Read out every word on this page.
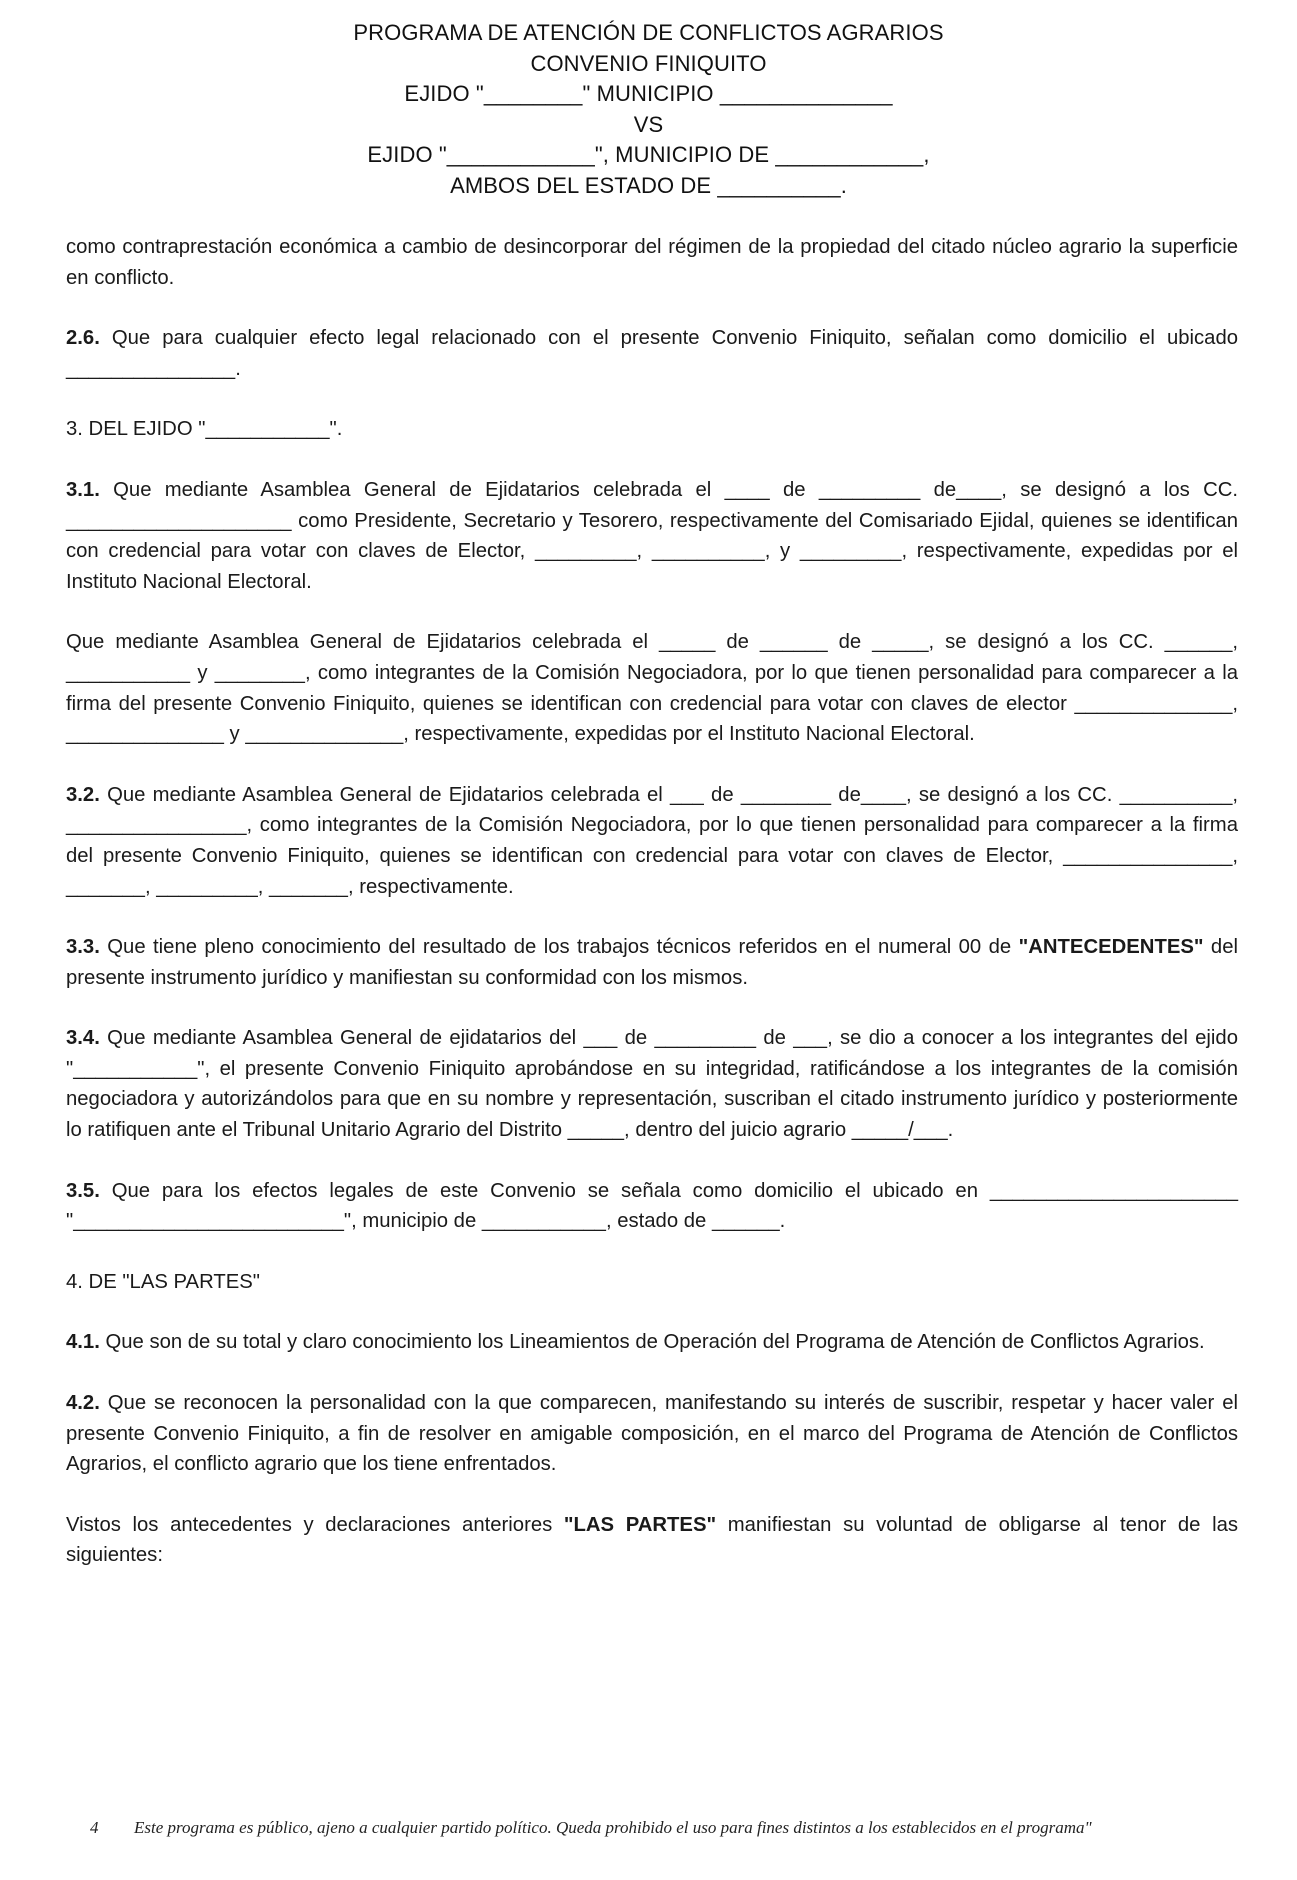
PROGRAMA DE ATENCIÓN DE CONFLICTOS AGRARIOS
CONVENIO FINIQUITO
EJIDO "________" MUNICIPIO ______________
VS
EJIDO "____________", MUNICIPIO DE ____________,
AMBOS DEL ESTADO DE __________.

como contraprestación económica a cambio de desincorporar del régimen de la propiedad del citado núcleo agrario la superficie en conflicto.

2.6. Que para cualquier efecto legal relacionado con el presente Convenio Finiquito, señalan como domicilio el ubicado _______________.

3. DEL EJIDO "___________".

3.1. Que mediante Asamblea General de Ejidatarios celebrada el ____ de _________ de____, se designó a los CC. ____________________ como Presidente, Secretario y Tesorero, respectivamente del Comisariado Ejidal, quienes se identifican con credencial para votar con claves de Elector, _________, __________, y _________, respectivamente, expedidas por el Instituto Nacional Electoral.

Que mediante Asamblea General de Ejidatarios celebrada el _____ de ______ de _____, se designó a los CC. ______, ___________ y ________, como integrantes de la Comisión Negociadora, por lo que tienen personalidad para comparecer a la firma del presente Convenio Finiquito, quienes se identifican con credencial para votar con claves de elector ______________, ______________ y ______________, respectivamente, expedidas por el Instituto Nacional Electoral.

3.2. Que mediante Asamblea General de Ejidatarios celebrada el ___ de ________ de____, se designó a los CC. __________, ________________, como integrantes de la Comisión Negociadora, por lo que tienen personalidad para comparecer a la firma del presente Convenio Finiquito, quienes se identifican con credencial para votar con claves de Elector, _______________, _______, _________, _______, respectivamente.

3.3. Que tiene pleno conocimiento del resultado de los trabajos técnicos referidos en el numeral 00 de "ANTECEDENTES" del presente instrumento jurídico y manifiestan su conformidad con los mismos.

3.4. Que mediante Asamblea General de ejidatarios del ___ de _________ de ___, se dio a conocer a los integrantes del ejido "___________", el presente Convenio Finiquito aprobándose en su integridad, ratificándose a los integrantes de la comisión negociadora y autorizándolos para que en su nombre y representación, suscriban el citado instrumento jurídico y posteriormente lo ratifiquen ante el Tribunal Unitario Agrario del Distrito _____, dentro del juicio agrario _____/___.

3.5. Que para los efectos legales de este Convenio se señala como domicilio el ubicado en ______________________ "________________________", municipio de ___________, estado de ______.

4. DE "LAS PARTES"

4.1. Que son de su total y claro conocimiento los Lineamientos de Operación del Programa de Atención de Conflictos Agrarios.

4.2. Que se reconocen la personalidad con la que comparecen, manifestando su interés de suscribir, respetar y hacer valer el presente Convenio Finiquito, a fin de resolver en amigable composición, en el marco del Programa de Atención de Conflictos Agrarios, el conflicto agrario que los tiene enfrentados.

Vistos los antecedentes y declaraciones anteriores "LAS PARTES" manifiestan su voluntad de obligarse al tenor de las siguientes:

4 Este programa es público, ajeno a cualquier partido político. Queda prohibido el uso para fines distintos a los establecidos en el programa"
